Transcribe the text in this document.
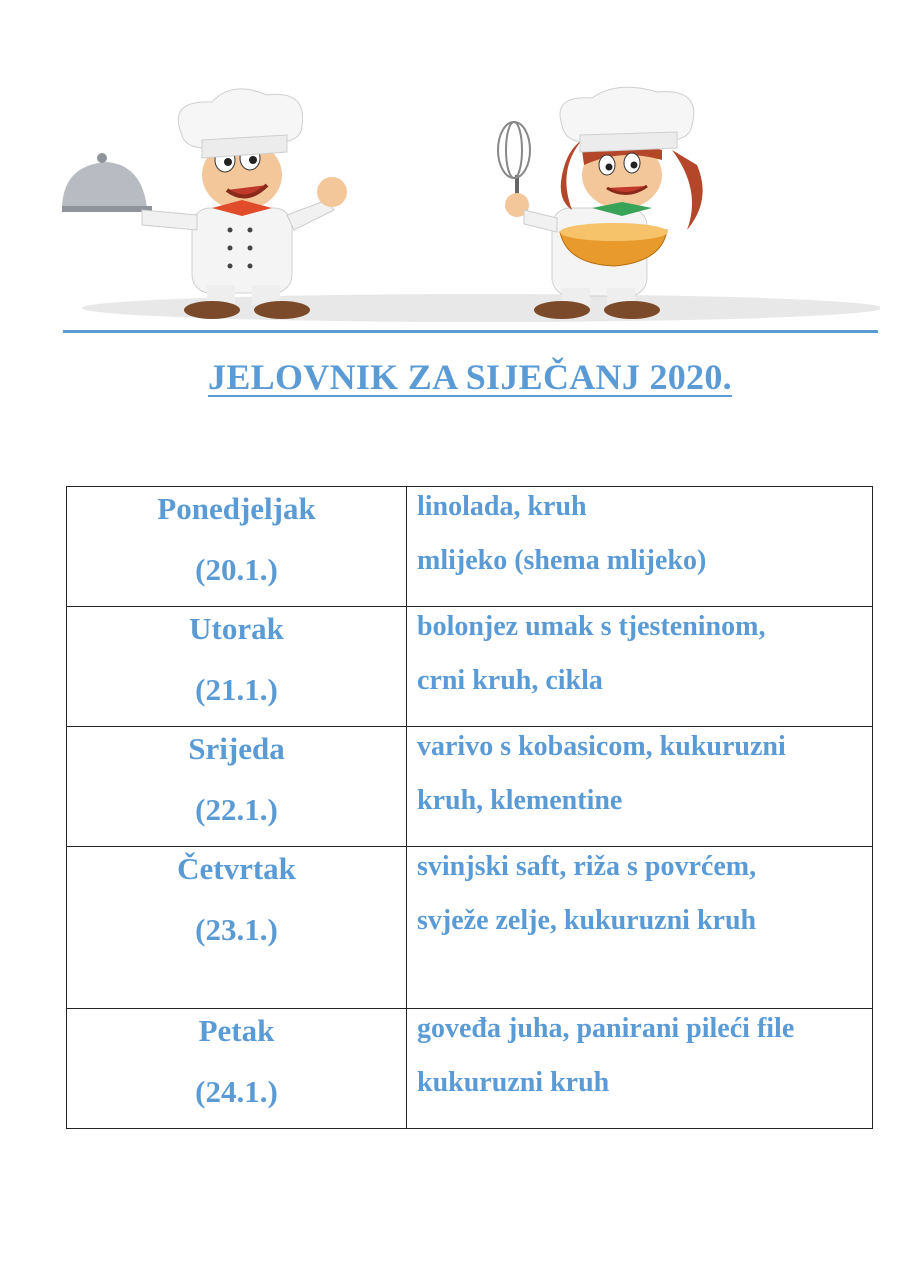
JELOVNIK ZA SIJEČANJ 2020.
Ponedjeljak
(20.1.)	linolada, kruh
mlijeko (shema mlijeko)

Utorak
(21.1.)	bolonjez umak s tjesteninom,
crni kruh, cikla

Srijeda
(22.1.)	varivo s kobasicom, kukuruzni
kruh, klementine

Četvrtak
(23.1.)	svinjski saft, riža s povrćem,
svježe zelje, kukuruzni kruh

Petak
(24.1.)	goveđa juha, panirani pileći file
kukuruzni kruh
